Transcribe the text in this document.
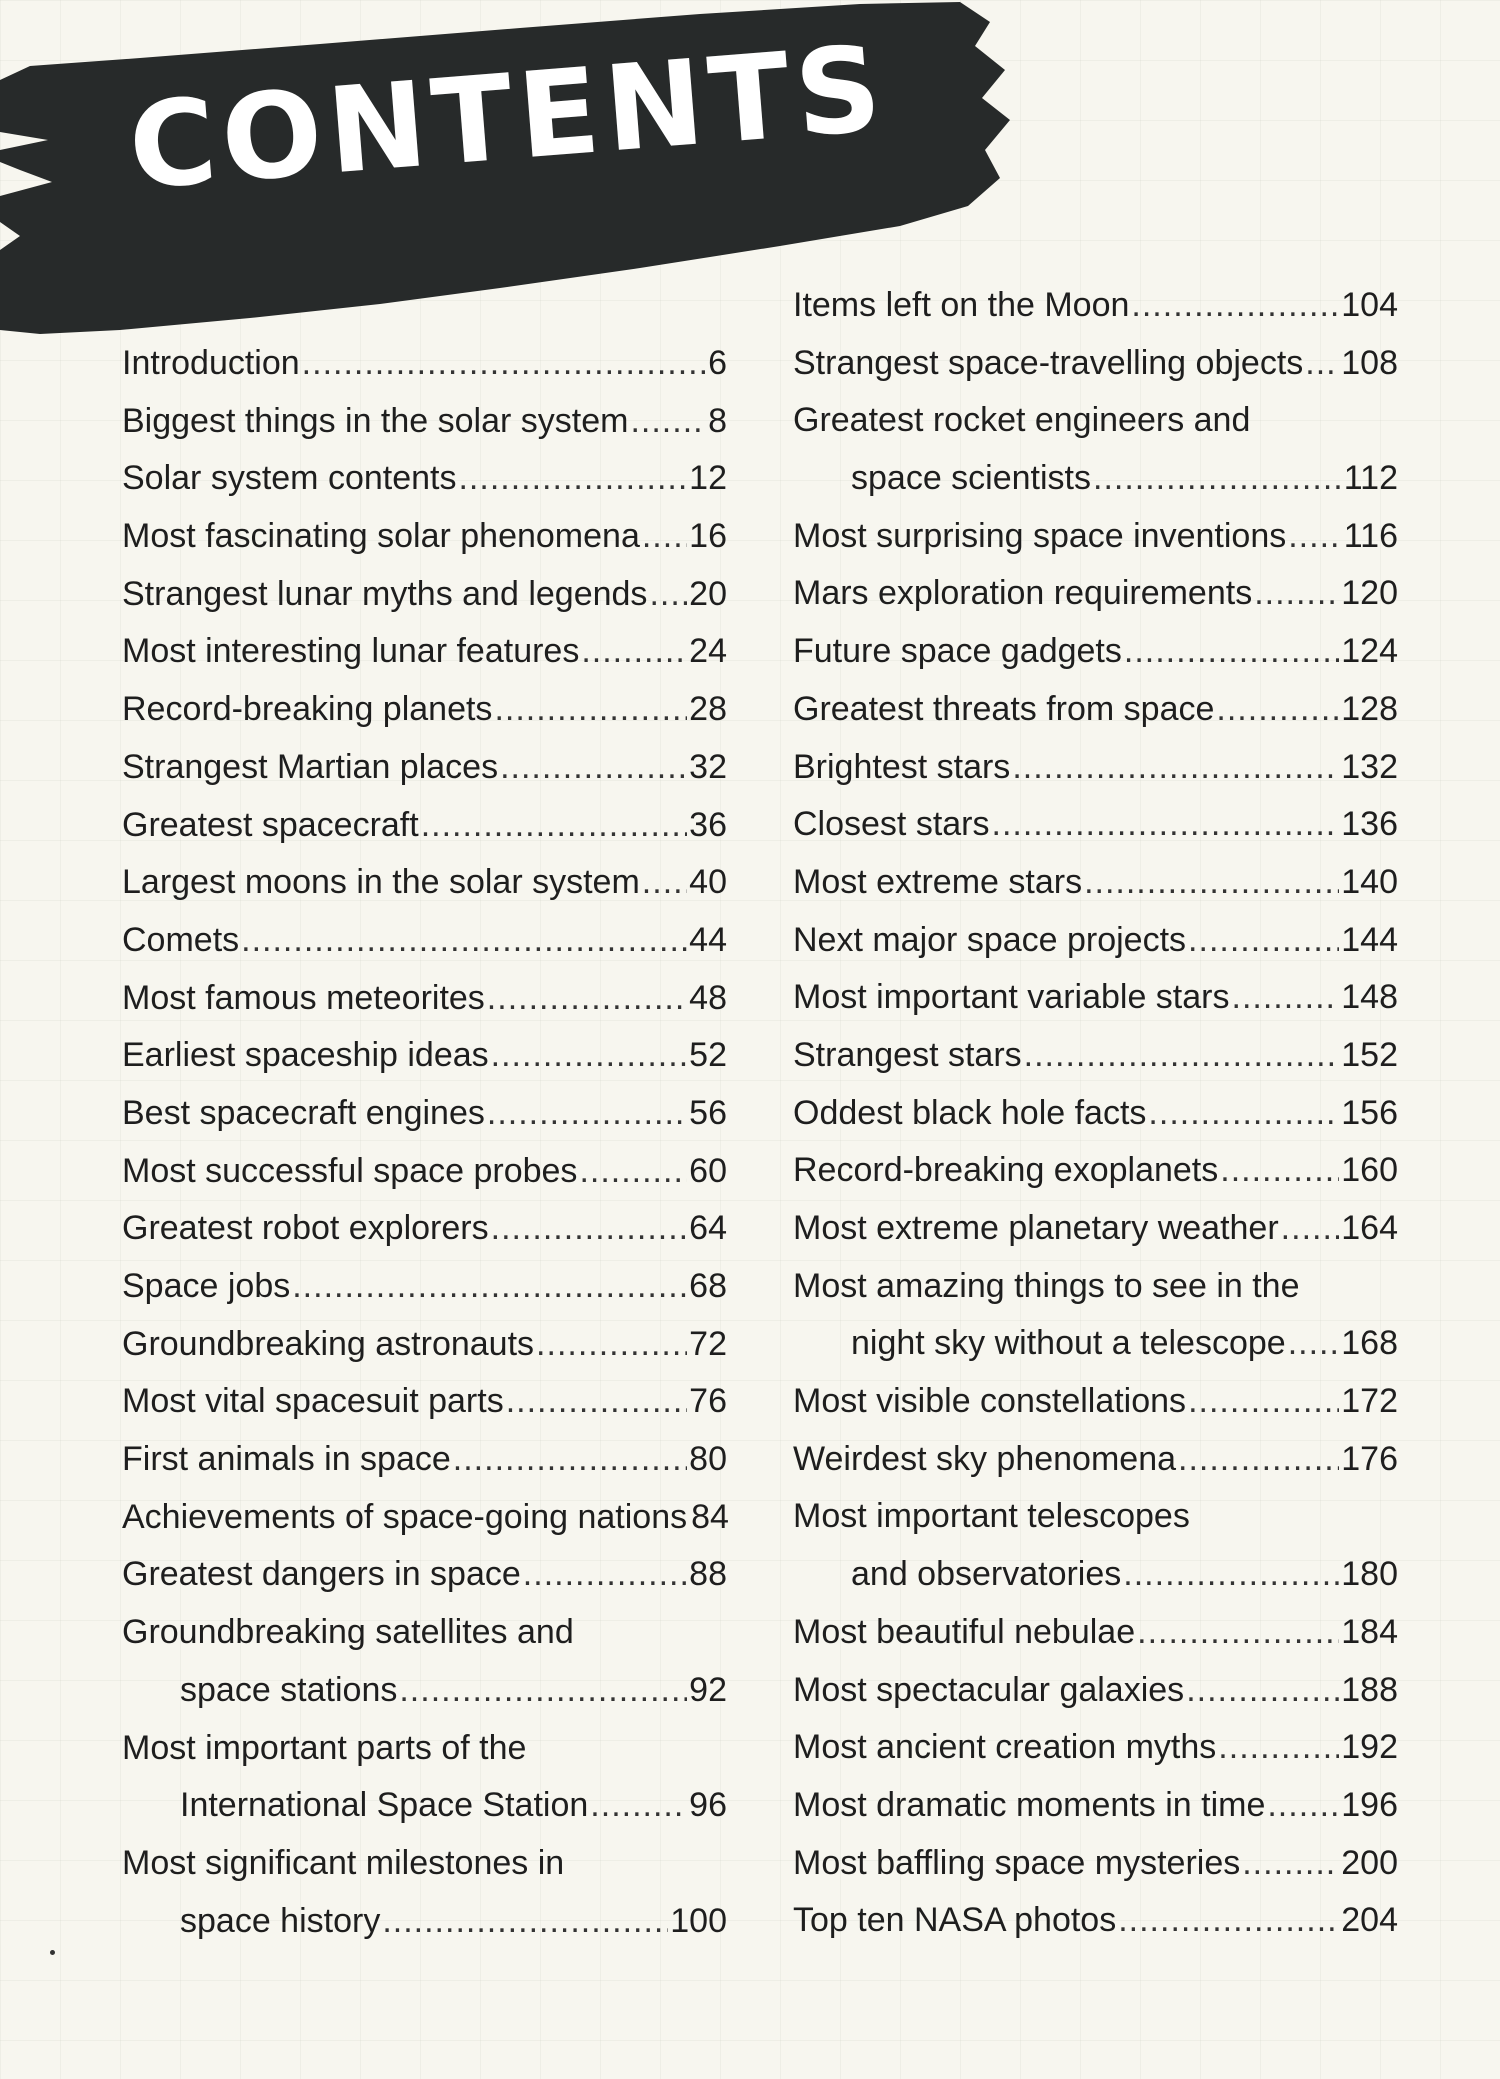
CONTENTS
Introduction .....	6
Biggest things in the solar system ..... 8
Solar system contents .....	12
Most fascinating solar phenomena ..... 16
Strangest lunar myths and legends ..... 20
Most interesting lunar features .....	24
Record-breaking planets .....	28
Strangest Martian places .....	32
Greatest spacecraft .....	36
Largest moons in the solar system ..... 40
Comets .....	44
Most famous meteorites .....	48
Earliest spaceship ideas .....	52
Best spacecraft engines .....	56
Most successful space probes .....	60
Greatest robot explorers .....	64
Space jobs .....	68
Groundbreaking astronauts .....	72
Most vital spacesuit parts .....	76
First animals in space .....	80
Achievements of space-going nations 84
Greatest dangers in space .....	88
Groundbreaking satellites and
space stations .....	92
Most important parts of the
International Space Station .....	96
Most significant milestones in
space history .....	100
Items left on the Moon .....	104
Strangest space-travelling objects ..... 108
Greatest rocket engineers and
space scientists .....	112
Most surprising space inventions ..... 116
Mars exploration requirements .....	120
Future space gadgets .....	124
Greatest threats from space .....	128
Brightest stars .....	132
Closest stars .....	136
Most extreme stars .....	140
Next major space projects .....	144
Most important variable stars .....	148
Strangest stars .....	152
Oddest black hole facts .....	156
Record-breaking exoplanets .....	160
Most extreme planetary weather ..... 164
Most amazing things to see in the
night sky without a telescope ..... 168
Most visible constellations .....	172
Weirdest sky phenomena .....	176
Most important telescopes
and observatories .....	180
Most beautiful nebulae .....	184
Most spectacular galaxies .....	188
Most ancient creation myths .....	192
Most dramatic moments in time ..... 196
Most baffling space mysteries .....	200
Top ten NASA photos .....	204
